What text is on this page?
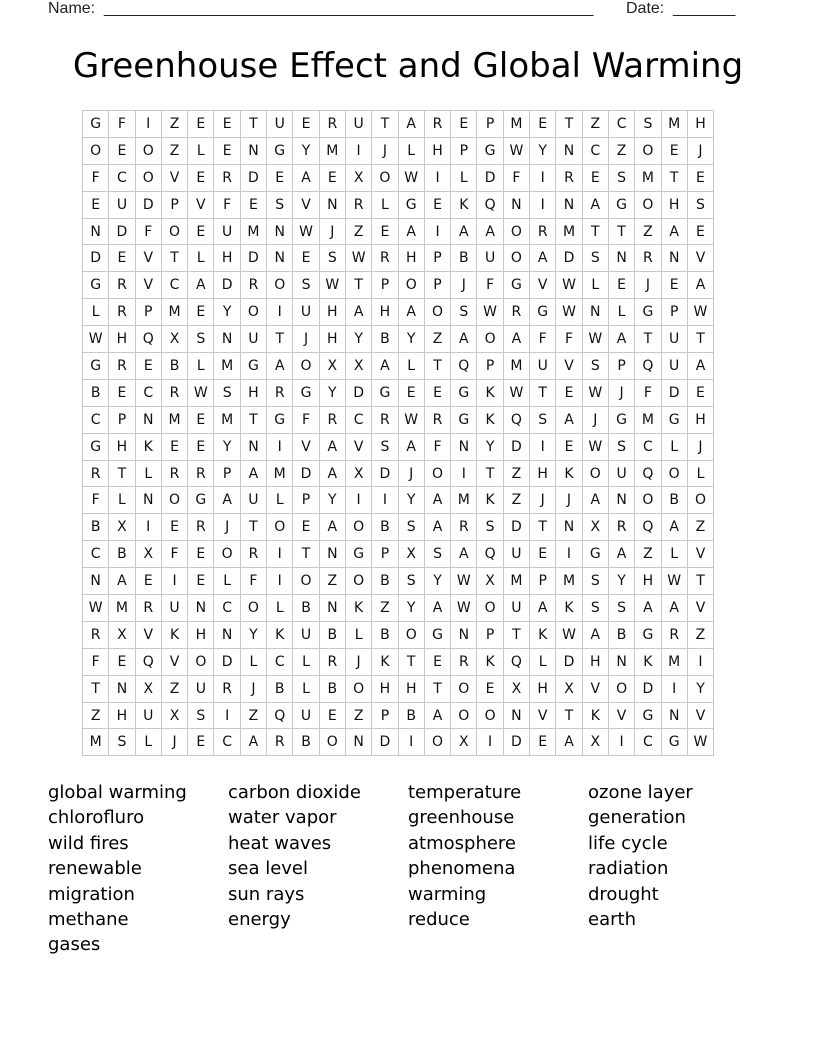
Name: _______________________________________________________ Date: _______
Greenhouse Effect and Global Warming
G	F	I	Z	E	E	T	U	E	R	U	T	A	R	E	P	M	E	T	Z	C	S	M	H
O	E	O	Z	L	E	N	G	Y	M	I	J	L	H	P	G	W	Y	N	C	Z	O	E	J
F	C	O	V	E	R	D	E	A	E	X	O	W	I	L	D	F	I	R	E	S	M	T	E
E	U	D	P	V	F	E	S	V	N	R	L	G	E	K	Q	N	I	N	A	G	O	H	S
N	D	F	O	E	U	M	N	W	J	Z	E	A	I	A	A	O	R	M	T	T	Z	A	E
D	E	V	T	L	H	D	N	E	S	W	R	H	P	B	U	O	A	D	S	N	R	N	V
G	R	V	C	A	D	R	O	S	W	T	P	O	P	J	F	G	V	W	L	E	J	E	A
L	R	P	M	E	Y	O	I	U	H	A	H	A	O	S	W	R	G	W	N	L	G	P	W
W	H	Q	X	S	N	U	T	J	H	Y	B	Y	Z	A	O	A	F	F	W	A	T	U	T
G	R	E	B	L	M	G	A	O	X	X	A	L	T	Q	P	M	U	V	S	P	Q	U	A
B	E	C	R	W	S	H	R	G	Y	D	G	E	E	G	K	W	T	E	W	J	F	D	E
C	P	N	M	E	M	T	G	F	R	C	R	W	R	G	K	Q	S	A	J	G	M	G	H
G	H	K	E	E	Y	N	I	V	A	V	S	A	F	N	Y	D	I	E	W	S	C	L	J
R	T	L	R	R	P	A	M	D	A	X	D	J	O	I	T	Z	H	K	O	U	Q	O	L
F	L	N	O	G	A	U	L	P	Y	I	I	Y	A	M	K	Z	J	J	A	N	O	B	O
B	X	I	E	R	J	T	O	E	A	O	B	S	A	R	S	D	T	N	X	R	Q	A	Z
C	B	X	F	E	O	R	I	T	N	G	P	X	S	A	Q	U	E	I	G	A	Z	L	V
N	A	E	I	E	L	F	I	O	Z	O	B	S	Y	W	X	M	P	M	S	Y	H	W	T
W	M	R	U	N	C	O	L	B	N	K	Z	Y	A	W	O	U	A	K	S	S	A	A	V
R	X	V	K	H	N	Y	K	U	B	L	B	O	G	N	P	T	K	W	A	B	G	R	Z
F	E	Q	V	O	D	L	C	L	R	J	K	T	E	R	K	Q	L	D	H	N	K	M	I
T	N	X	Z	U	R	J	B	L	B	O	H	H	T	O	E	X	H	X	V	O	D	I	Y
Z	H	U	X	S	I	Z	Q	U	E	Z	P	B	A	O	O	N	V	T	K	V	G	N	V
M	S	L	J	E	C	A	R	B	O	N	D	I	O	X	I	D	E	A	X	I	C	G	W
global warming
chlorofluro
wild fires
renewable
migration
methane
gases
carbon dioxide
water vapor
heat waves
sea level
sun rays
energy
temperature
greenhouse
atmosphere
phenomena
warming
reduce
ozone layer
generation
life cycle
radiation
drought
earth
